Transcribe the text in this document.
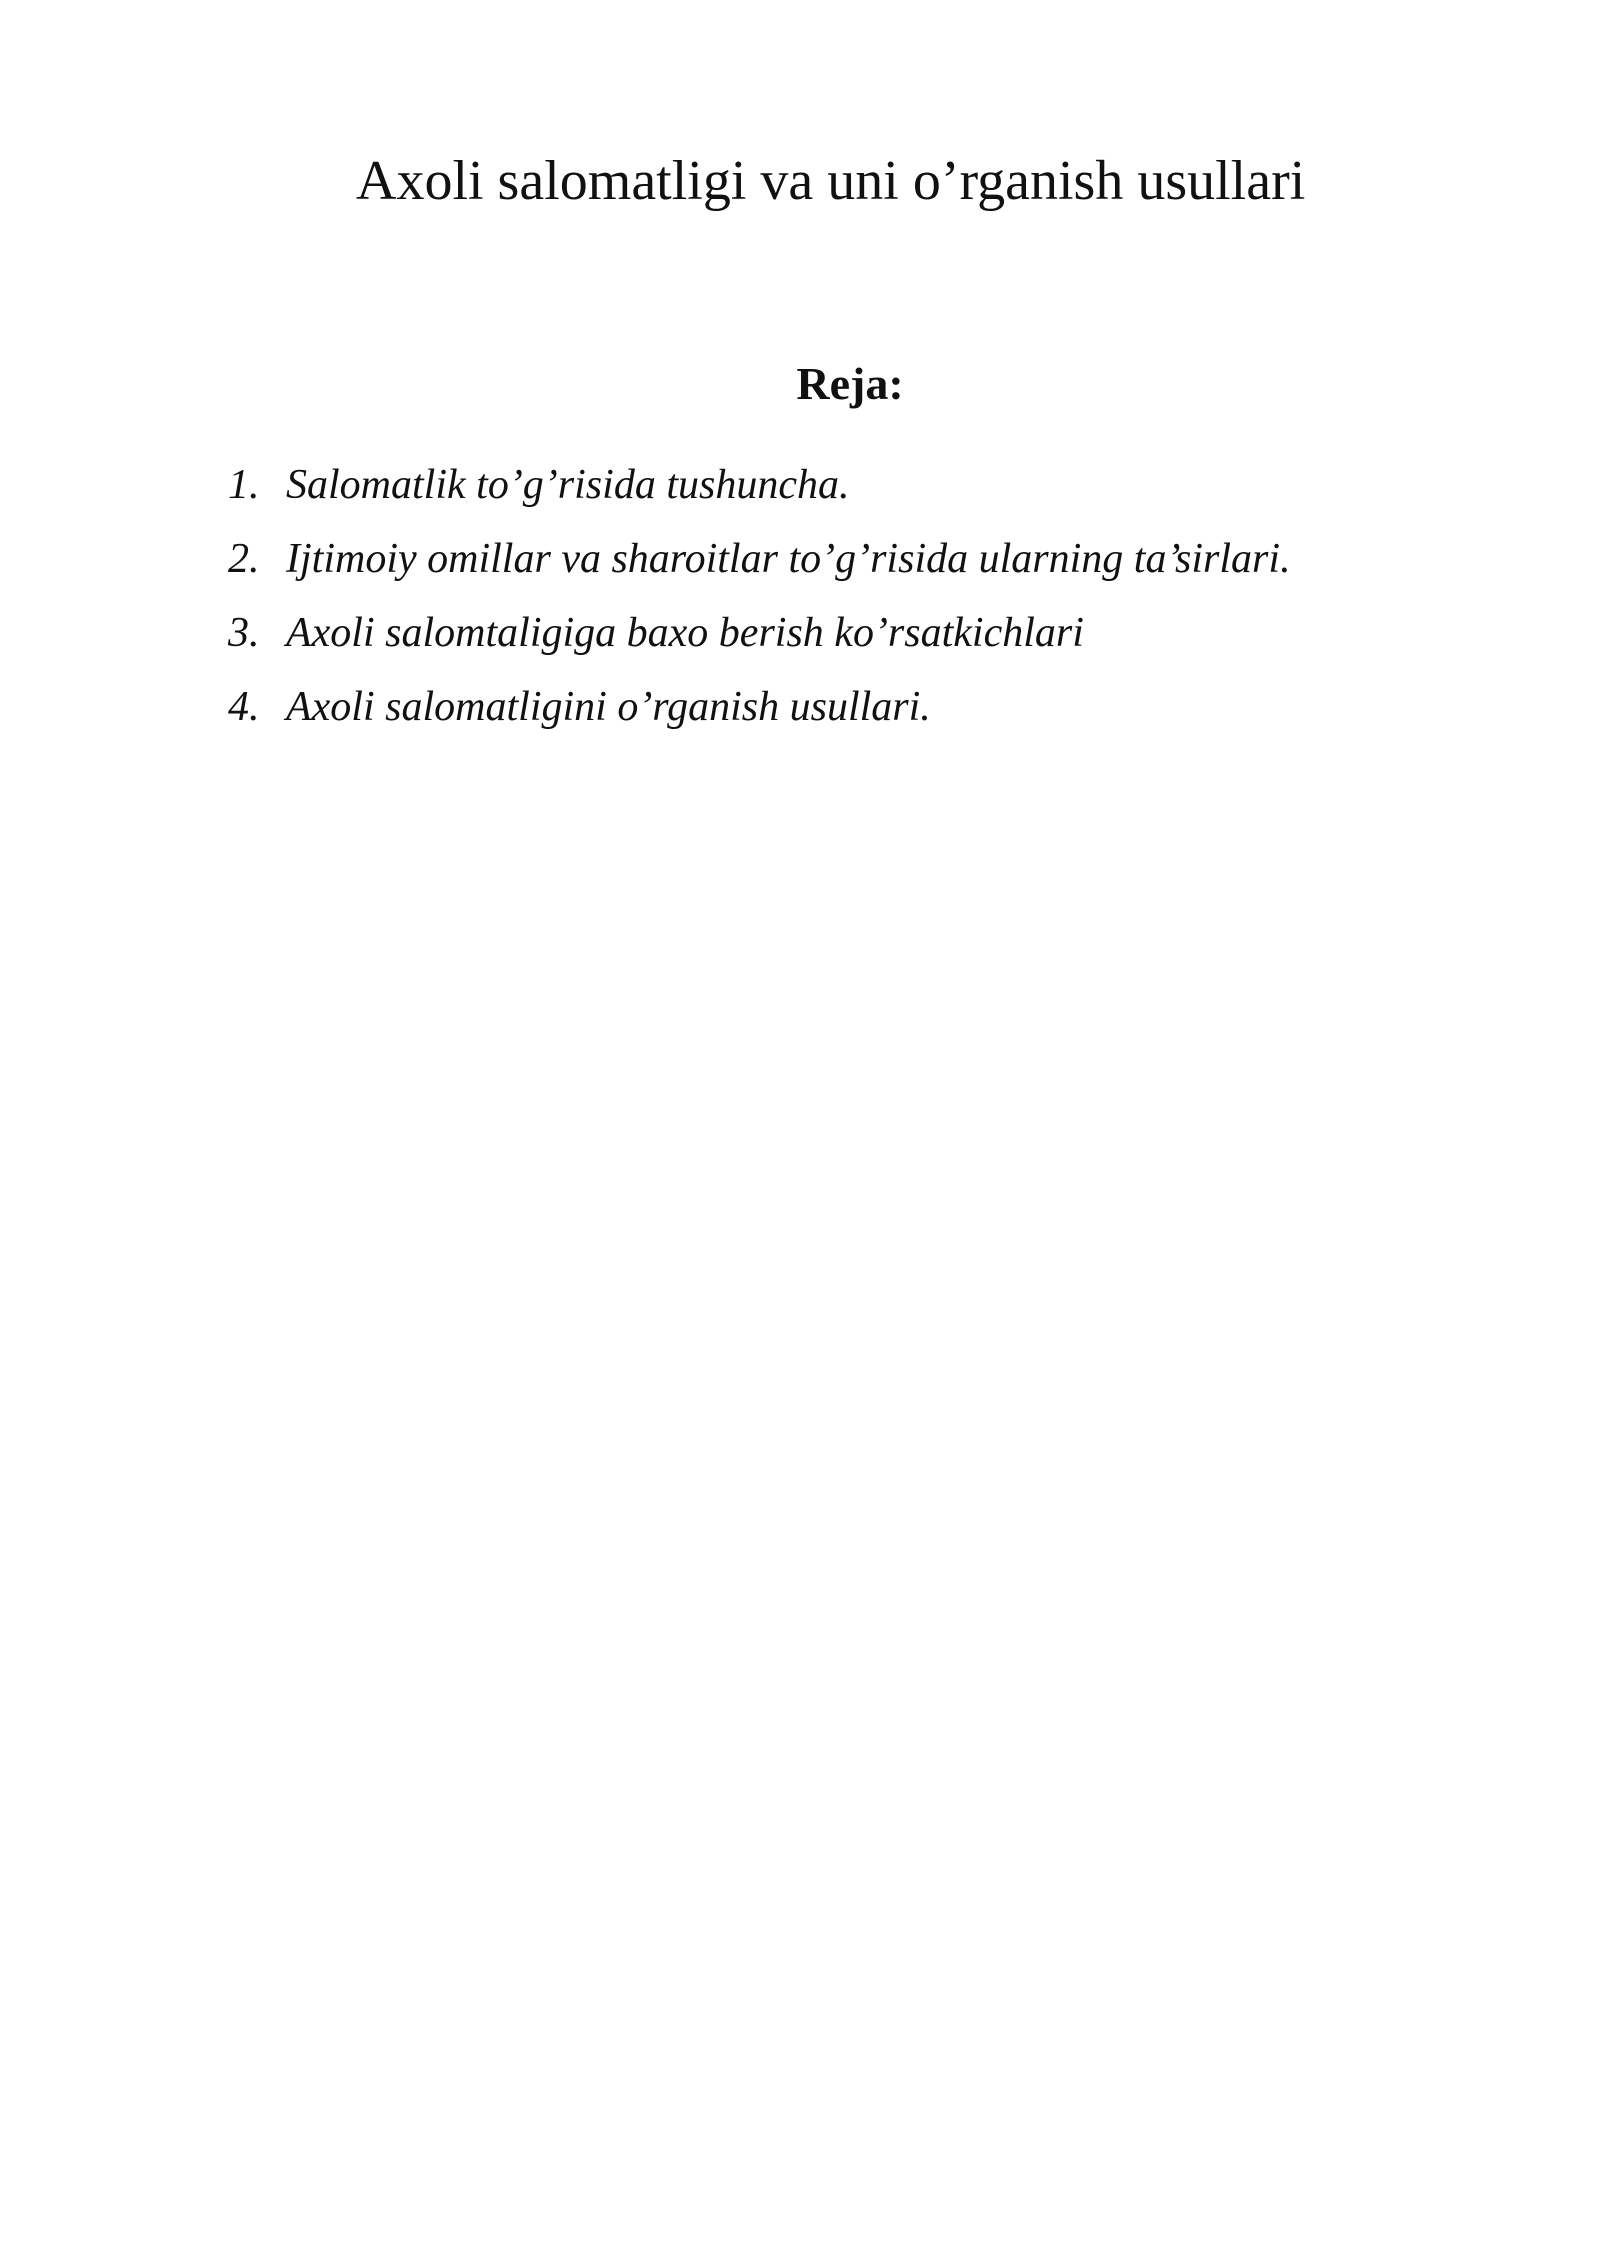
Axoli salomatligi va uni o’rganish usullari
Reja:
1. Salomatlik to’g’risida tushuncha.
2. Ijtimoiy omillar va sharoitlar to’g’risida ularning ta’sirlari.
3. Axoli salomtaligiga baxo berish ko’rsatkichlari
4. Axoli salomatligini o’rganish usullari.
